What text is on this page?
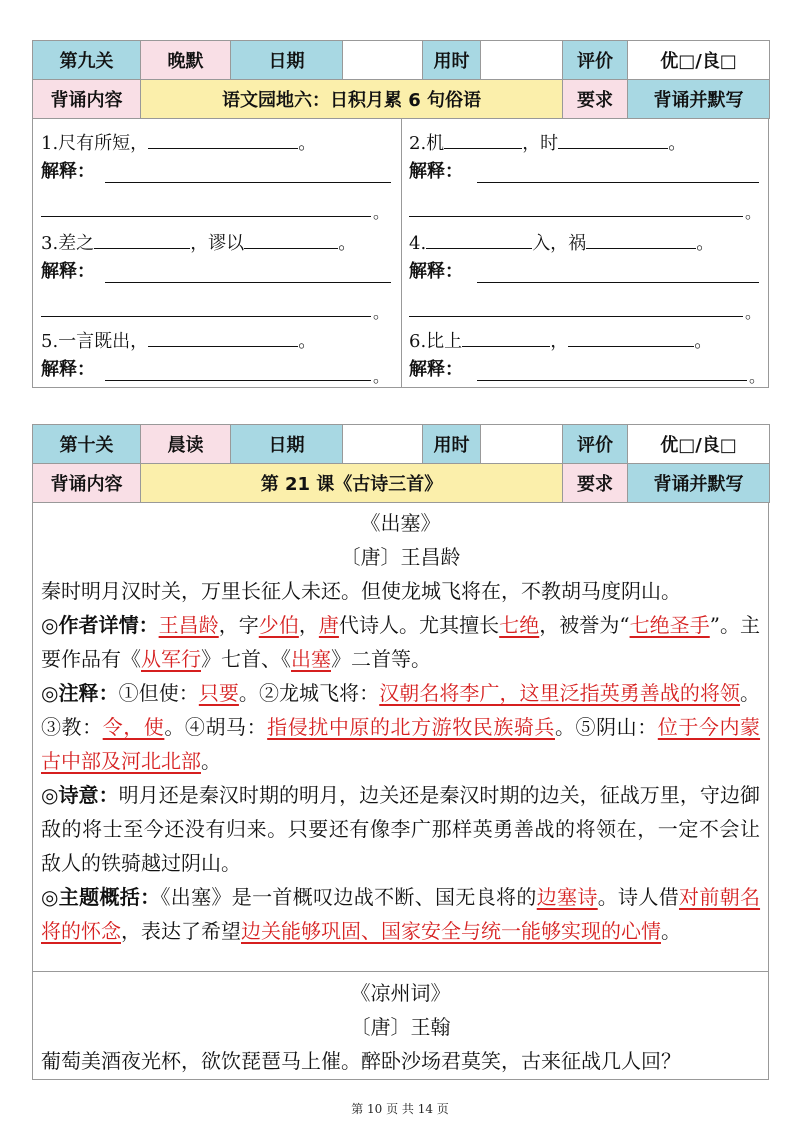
第九关	晚默	日期		用时		评价	优□/良□
背诵内容	语文园地六：日积月累 6 句俗语					要求	背诵并默写
1.尺有所短，	。
解释：
。
2.机	，时	。
解释：
。
3.差之	，谬以	。
解释：
。
4.	入，祸	。
解释：
。
5.一言既出，	。
解释：	。
6.比上	，	。
解释：	。
第十关	晨读	日期		用时		评价	优□/良□
背诵内容	第 21 课《古诗三首》					要求	背诵并默写
《出塞》
〔唐〕王昌龄
秦时明月汉时关，万里长征人未还。但使龙城飞将在，不教胡马度阴山。
◎作者详情：王昌龄，字少伯，唐代诗人。尤其擅长七绝，被誉为“七绝圣手”。主要作品有《从军行》七首、《出塞》二首等。
◎注释：①但使：只要。②龙城飞将：汉朝名将李广，这里泛指英勇善战的将领。③教：令，使。④胡马：指侵扰中原的北方游牧民族骑兵。⑤阴山：位于今内蒙古中部及河北北部。
◎诗意：明月还是秦汉时期的明月，边关还是秦汉时期的边关，征战万里，守边御敌的将士至今还没有归来。只要还有像李广那样英勇善战的将领在，一定不会让敌人的铁骑越过阴山。
◎主题概括：《出塞》是一首概叹边战不断、国无良将的边塞诗。诗人借对前朝名将的怀念，表达了希望边关能够巩固、国家安全与统一能够实现的心情。
《凉州词》
〔唐〕王翰
葡萄美酒夜光杯，欲饮琵琶马上催。醉卧沙场君莫笑，古来征战几人回？
第 10 页 共 14 页
